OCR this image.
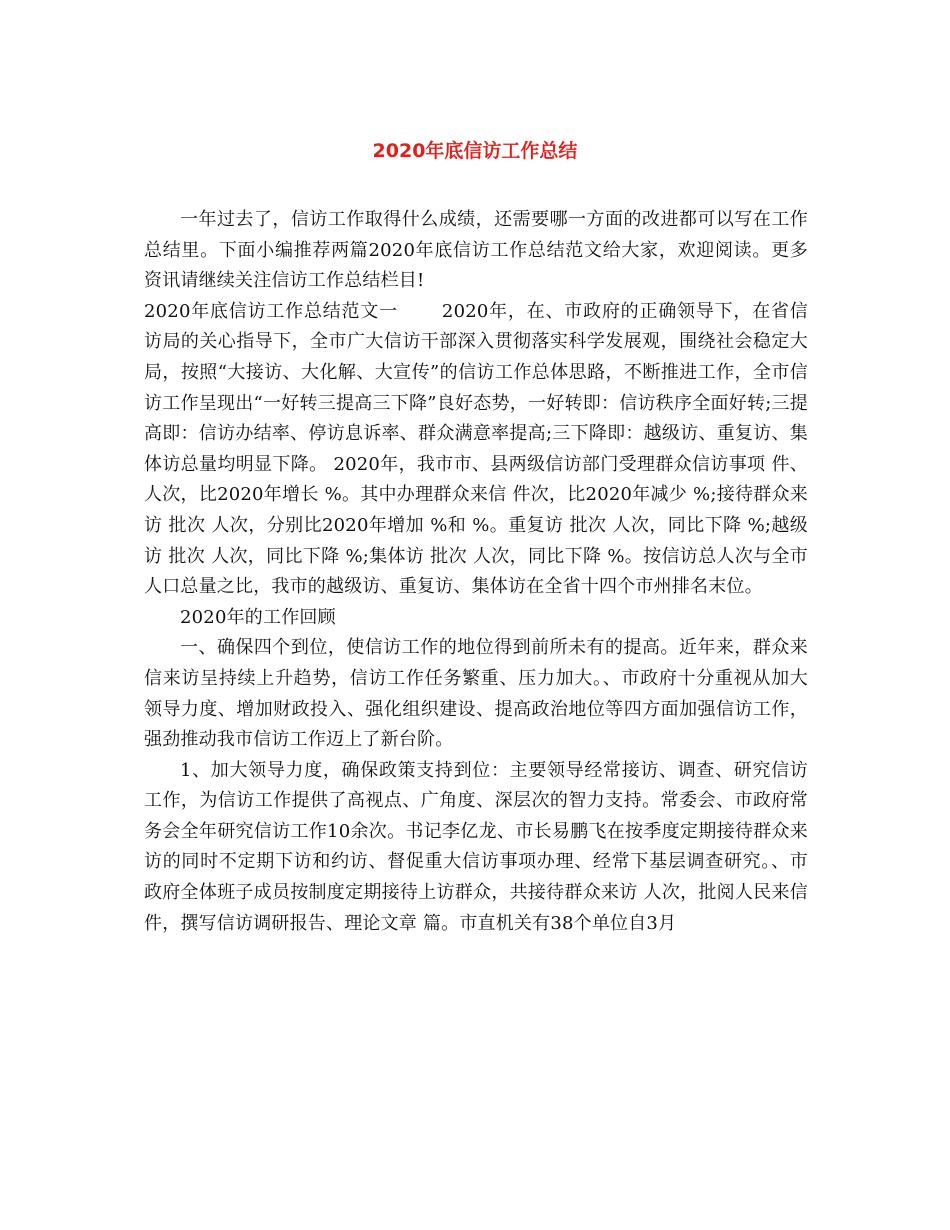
2020年底信访工作总结

一年过去了，信访工作取得什么成绩，还需要哪一方面的改进都可以写在工作总结里。下面小编推荐两篇2020年底信访工作总结范文给大家，欢迎阅读。更多资讯请继续关注信访工作总结栏目!

2020年底信访工作总结范文一 2020年，在、市政府的正确领导下，在省信访局的关心指导下，全市广大信访干部深入贯彻落实科学发展观，围绕社会稳定大局，按照“大接访、大化解、大宣传”的信访工作总体思路，不断推进工作，全市信访工作呈现出“一好转三提高三下降”良好态势，一好转即：信访秩序全面好转;三提高即：信访办结率、停访息诉率、群众满意率提高;三下降即：越级访、重复访、集体访总量均明显下降。 2020年，我市市、县两级信访部门受理群众信访事项 件、人次，比2020年增长 %。其中办理群众来信 件次，比2020年减少 %;接待群众来访 批次 人次，分别比2020年增加 %和 %。重复访 批次 人次，同比下降 %;越级访 批次 人次，同比下降 %;集体访 批次 人次，同比下降 %。按信访总人次与全市人口总量之比，我市的越级访、重复访、集体访在全省十四个市州排名末位。

2020年的工作回顾

一、确保四个到位，使信访工作的地位得到前所未有的提高。近年来，群众来信来访呈持续上升趋势，信访工作任务繁重、压力加大。、市政府十分重视从加大领导力度、增加财政投入、强化组织建设、提高政治地位等四方面加强信访工作，强劲推动我市信访工作迈上了新台阶。

1、加大领导力度，确保政策支持到位：主要领导经常接访、调查、研究信访工作，为信访工作提供了高视点、广角度、深层次的智力支持。常委会、市政府常务会全年研究信访工作10余次。书记李亿龙、市长易鹏飞在按季度定期接待群众来访的同时不定期下访和约访、督促重大信访事项办理、经常下基层调查研究。、市政府全体班子成员按制度定期接待上访群众，共接待群众来访 人次，批阅人民来信 件，撰写信访调研报告、理论文章 篇。市直机关有38个单位自3月
